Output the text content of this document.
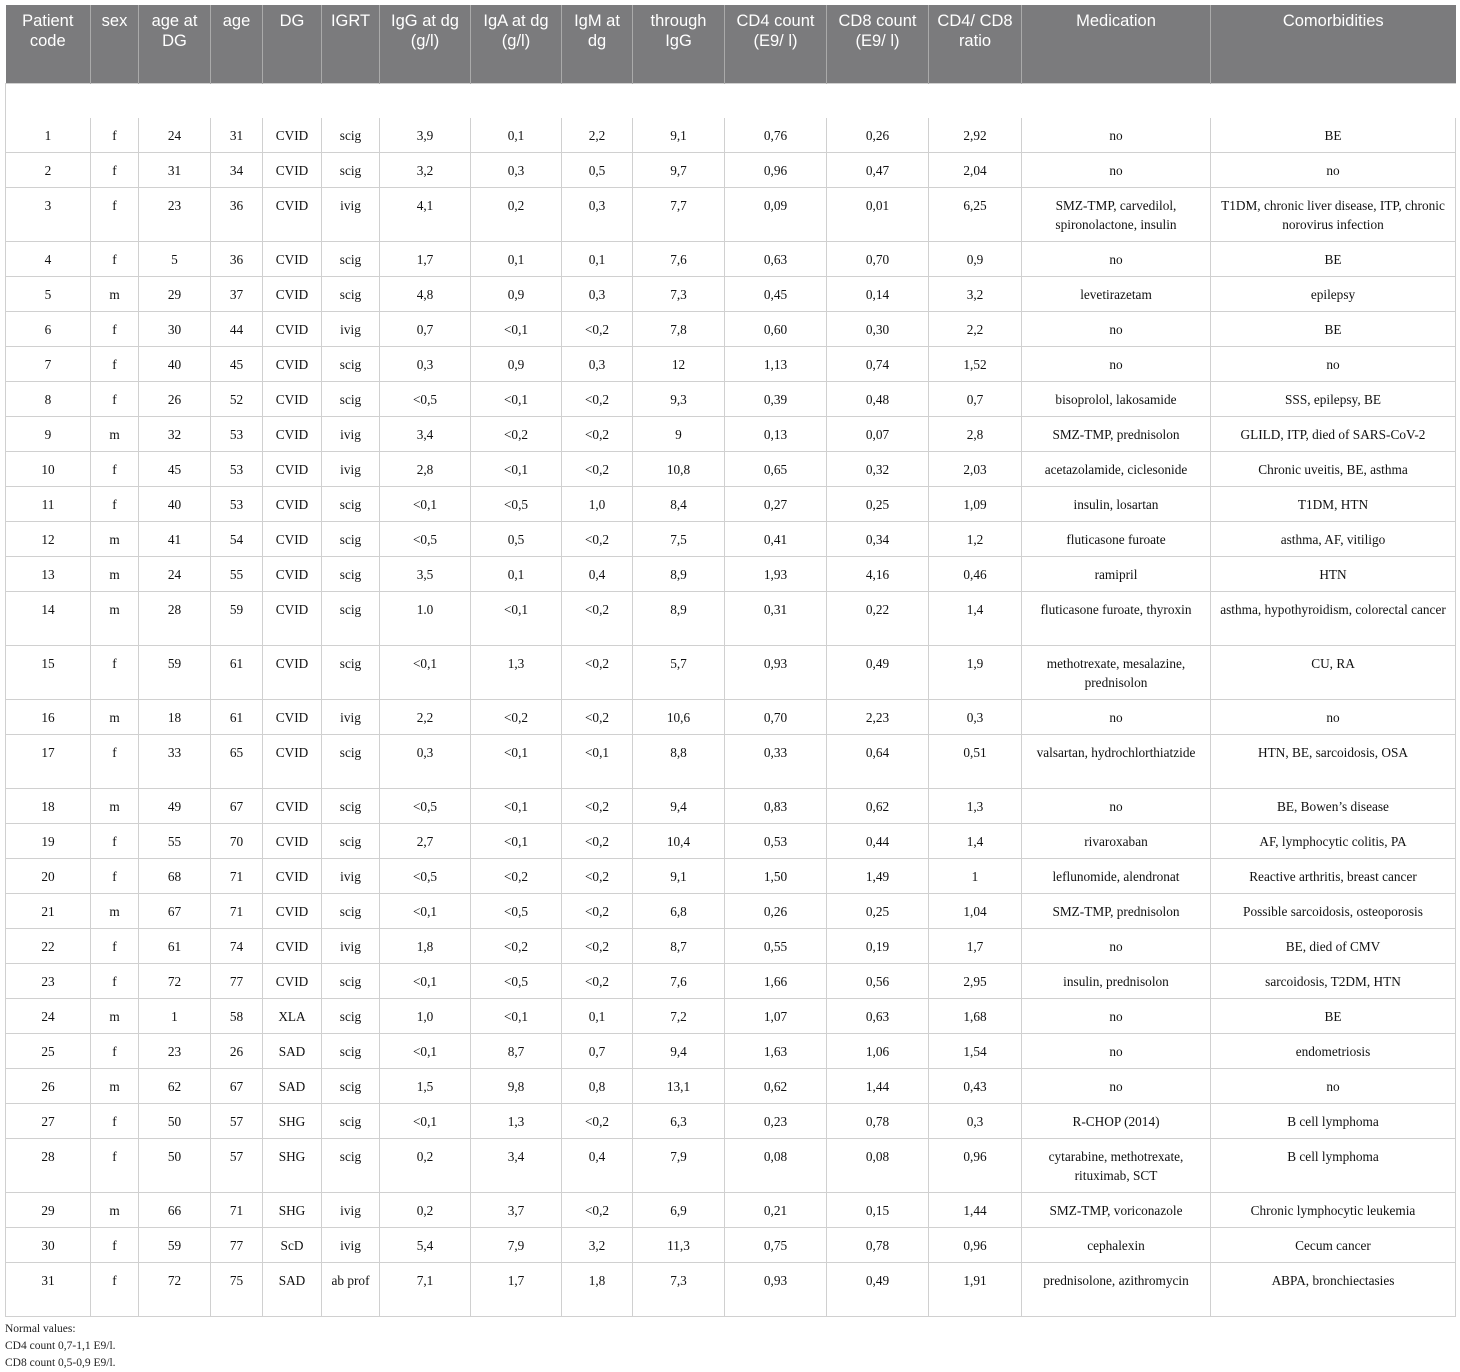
Patient code	sex	age at DG	age	DG	IGRT	IgG at dg (g/l)	IgA at dg (g/l)	IgM at dg	through IgG	CD4 count (E9/ l)	CD8 count (E9/ l)	CD4/ CD8 ratio	Medication	Comorbidities

1	f	24	31	CVID	scig	3,9	0,1	2,2	9,1	0,76	0,26	2,92	no	BE
2	f	31	34	CVID	scig	3,2	0,3	0,5	9,7	0,96	0,47	2,04	no	no
3	f	23	36	CVID	ivig	4,1	0,2	0,3	7,7	0,09	0,01	6,25	SMZ-TMP, carvedilol, spironolactone, insulin	T1DM, chronic liver disease, ITP, chronic norovirus infection
4	f	5	36	CVID	scig	1,7	0,1	0,1	7,6	0,63	0,70	0,9	no	BE
5	m	29	37	CVID	scig	4,8	0,9	0,3	7,3	0,45	0,14	3,2	levetirazetam	epilepsy
6	f	30	44	CVID	ivig	0,7	<0,1	<0,2	7,8	0,60	0,30	2,2	no	BE
7	f	40	45	CVID	scig	0,3	0,9	0,3	12	1,13	0,74	1,52	no	no
8	f	26	52	CVID	scig	<0,5	<0,1	<0,2	9,3	0,39	0,48	0,7	bisoprolol, lakosamide	SSS, epilepsy, BE
9	m	32	53	CVID	ivig	3,4	<0,2	<0,2	9	0,13	0,07	2,8	SMZ-TMP, prednisolon	GLILD, ITP, died of SARS-CoV-2
10	f	45	53	CVID	ivig	2,8	<0,1	<0,2	10,8	0,65	0,32	2,03	acetazolamide, ciclesonide	Chronic uveitis, BE, asthma
11	f	40	53	CVID	scig	<0,1	<0,5	1,0	8,4	0,27	0,25	1,09	insulin, losartan	T1DM, HTN
12	m	41	54	CVID	scig	<0,5	0,5	<0,2	7,5	0,41	0,34	1,2	fluticasone furoate	asthma, AF, vitiligo
13	m	24	55	CVID	scig	3,5	0,1	0,4	8,9	1,93	4,16	0,46	ramipril	HTN
14	m	28	59	CVID	scig	1.0	<0,1	<0,2	8,9	0,31	0,22	1,4	fluticasone furoate, thyroxin	asthma, hypothyroidism, colorectal cancer
15	f	59	61	CVID	scig	<0,1	1,3	<0,2	5,7	0,93	0,49	1,9	methotrexate, mesalazine, prednisolon	CU, RA
16	m	18	61	CVID	ivig	2,2	<0,2	<0,2	10,6	0,70	2,23	0,3	no	no
17	f	33	65	CVID	scig	0,3	<0,1	<0,1	8,8	0,33	0,64	0,51	valsartan, hydrochlorthiatzide	HTN, BE, sarcoidosis, OSA
18	m	49	67	CVID	scig	<0,5	<0,1	<0,2	9,4	0,83	0,62	1,3	no	BE, Bowen’s disease
19	f	55	70	CVID	scig	2,7	<0,1	<0,2	10,4	0,53	0,44	1,4	rivaroxaban	AF, lymphocytic colitis, PA
20	f	68	71	CVID	ivig	<0,5	<0,2	<0,2	9,1	1,50	1,49	1	leflunomide, alendronat	Reactive arthritis, breast cancer
21	m	67	71	CVID	scig	<0,1	<0,5	<0,2	6,8	0,26	0,25	1,04	SMZ-TMP, prednisolon	Possible sarcoidosis, osteoporosis
22	f	61	74	CVID	ivig	1,8	<0,2	<0,2	8,7	0,55	0,19	1,7	no	BE, died of CMV
23	f	72	77	CVID	scig	<0,1	<0,5	<0,2	7,6	1,66	0,56	2,95	insulin, prednisolon	sarcoidosis, T2DM, HTN
24	m	1	58	XLA	scig	1,0	<0,1	0,1	7,2	1,07	0,63	1,68	no	BE
25	f	23	26	SAD	scig	<0,1	8,7	0,7	9,4	1,63	1,06	1,54	no	endometriosis
26	m	62	67	SAD	scig	1,5	9,8	0,8	13,1	0,62	1,44	0,43	no	no
27	f	50	57	SHG	scig	<0,1	1,3	<0,2	6,3	0,23	0,78	0,3	R-CHOP (2014)	B cell lymphoma
28	f	50	57	SHG	scig	0,2	3,4	0,4	7,9	0,08	0,08	0,96	cytarabine, methotrexate, rituximab, SCT	B cell lymphoma
29	m	66	71	SHG	ivig	0,2	3,7	<0,2	6,9	0,21	0,15	1,44	SMZ-TMP, voriconazole	Chronic lymphocytic leukemia
30	f	59	77	ScD	ivig	5,4	7,9	3,2	11,3	0,75	0,78	0,96	cephalexin	Cecum cancer
31	f	72	75	SAD	ab prof	7,1	1,7	1,8	7,3	0,93	0,49	1,91	prednisolone, azithromycin	ABPA, bronchiectasies
Normal values:
CD4 count 0,7-1,1 E9/l.
CD8 count 0,5-0,9 E9/l.
